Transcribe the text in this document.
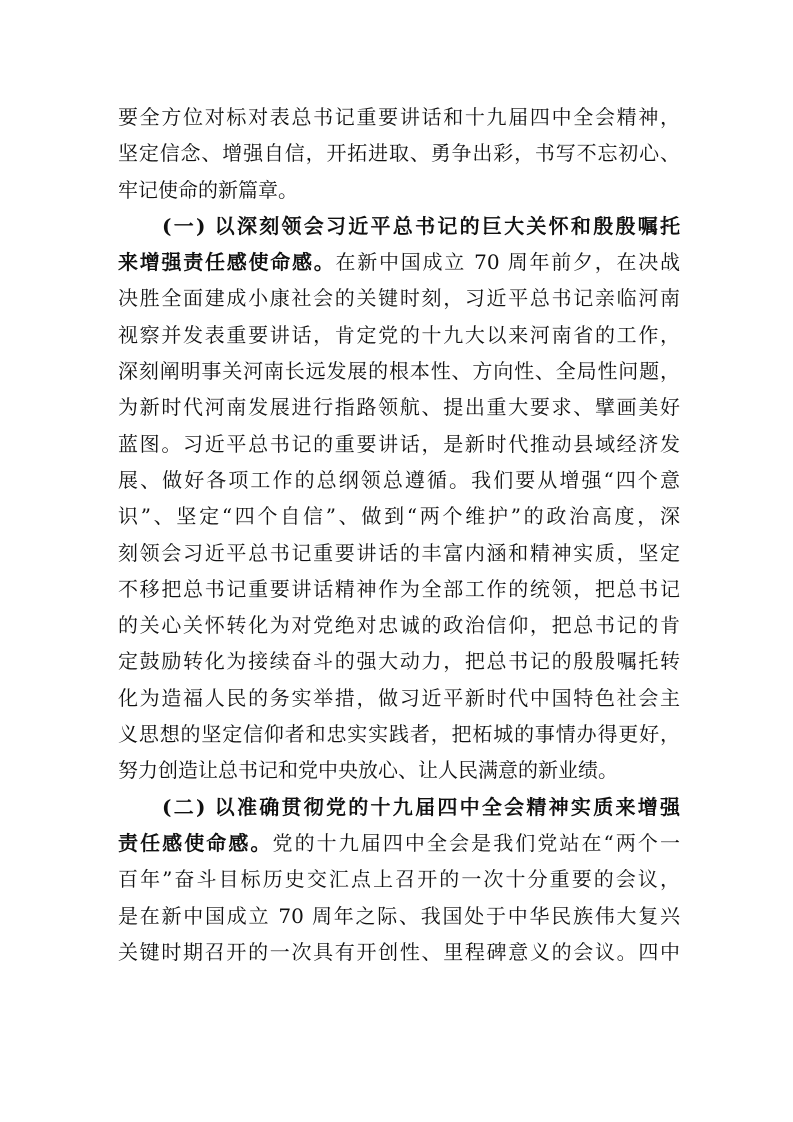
要全方位对标对表总书记重要讲话和十九届四中全会精神，
坚定信念、增强自信，开拓进取、勇争出彩，书写不忘初心、
牢记使命的新篇章。
(一) 以深刻领会习近平总书记的巨大关怀和殷殷嘱托
来增强责任感使命感。在新中国成立 70 周年前夕，在决战
决胜全面建成小康社会的关键时刻，习近平总书记亲临河南
视察并发表重要讲话，肯定党的十九大以来河南省的工作，
深刻阐明事关河南长远发展的根本性、方向性、全局性问题，
为新时代河南发展进行指路领航、提出重大要求、擘画美好
蓝图。习近平总书记的重要讲话，是新时代推动县域经济发
展、做好各项工作的总纲领总遵循。我们要从增强“四个意
识”、坚定“四个自信”、做到“两个维护”的政治高度，深
刻领会习近平总书记重要讲话的丰富内涵和精神实质，坚定
不移把总书记重要讲话精神作为全部工作的统领，把总书记
的关心关怀转化为对党绝对忠诚的政治信仰，把总书记的肯
定鼓励转化为接续奋斗的强大动力，把总书记的殷殷嘱托转
化为造福人民的务实举措，做习近平新时代中国特色社会主
义思想的坚定信仰者和忠实实践者，把柘城的事情办得更好，
努力创造让总书记和党中央放心、让人民满意的新业绩。
(二) 以准确贯彻党的十九届四中全会精神实质来增强
责任感使命感。党的十九届四中全会是我们党站在“两个一
百年”奋斗目标历史交汇点上召开的一次十分重要的会议，
是在新中国成立 70 周年之际、我国处于中华民族伟大复兴
关键时期召开的一次具有开创性、里程碑意义的会议。四中
